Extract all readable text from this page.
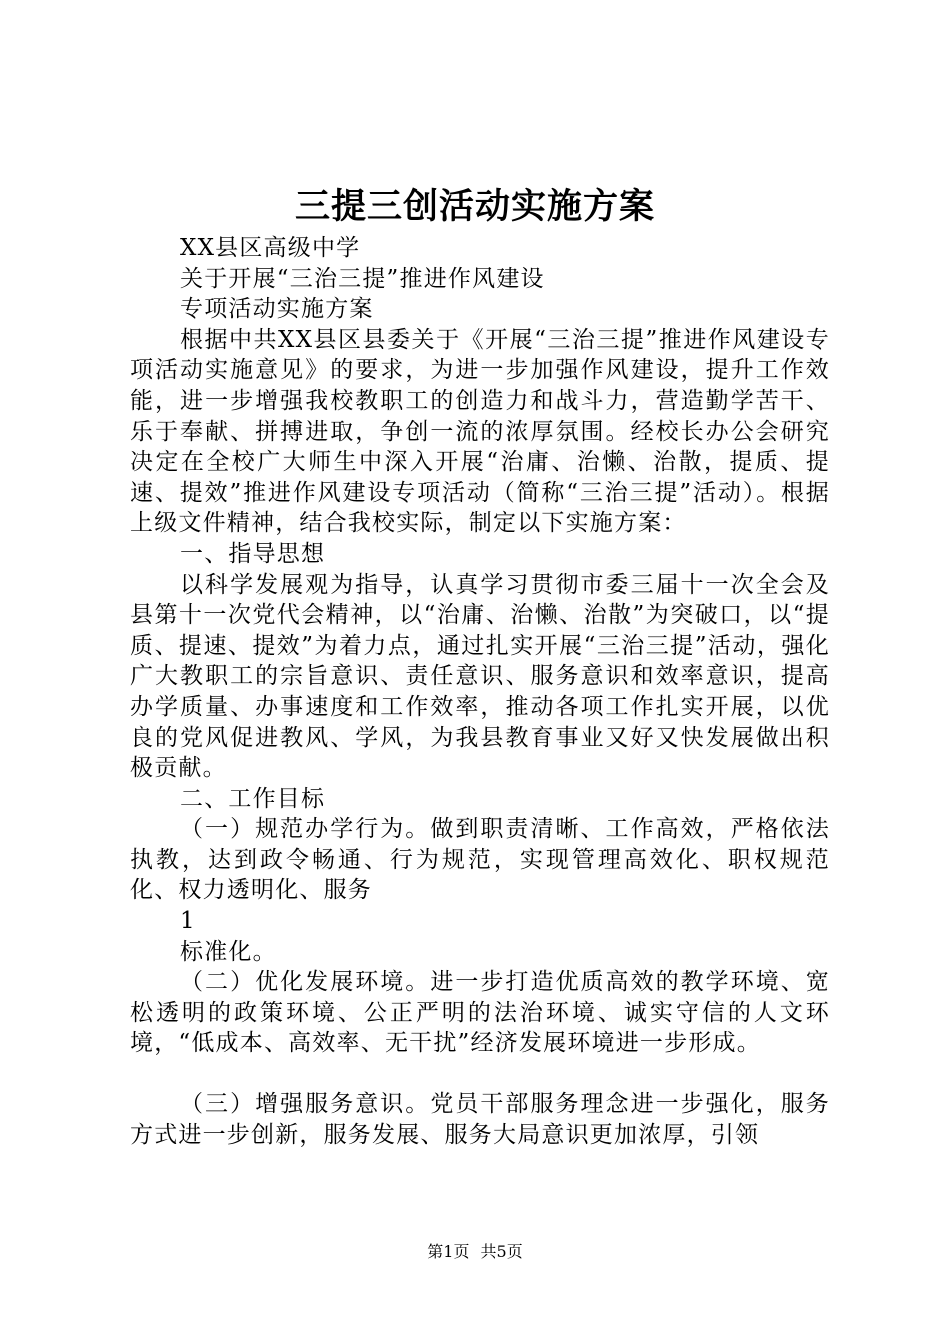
三提三创活动实施方案

XX县区高级中学

关于开展“三治三提”推进作风建设

专项活动实施方案

根据中共XX县区县委关于《开展“三治三提”推进作风建设专项活动实施意见》的要求，为进一步加强作风建设，提升工作效能，进一步增强我校教职工的创造力和战斗力，营造勤学苦干、乐于奉献、拼搏进取，争创一流的浓厚氛围。经校长办公会研究决定在全校广大师生中深入开展“治庸、治懒、治散，提质、提速、提效”推进作风建设专项活动（简称“三治三提”活动）。根据上级文件精神，结合我校实际，制定以下实施方案：

一、指导思想

以科学发展观为指导，认真学习贯彻市委三届十一次全会及县第十一次党代会精神，以“治庸、治懒、治散”为突破口，以“提质、提速、提效”为着力点，通过扎实开展“三治三提”活动，强化广大教职工的宗旨意识、责任意识、服务意识和效率意识，提高办学质量、办事速度和工作效率，推动各项工作扎实开展，以优良的党风促进教风、学风，为我县教育事业又好又快发展做出积极贡献。

二、工作目标

（一）规范办学行为。做到职责清晰、工作高效，严格依法执教，达到政令畅通、行为规范，实现管理高效化、职权规范化、权力透明化、服务

1

标准化。

（二）优化发展环境。进一步打造优质高效的教学环境、宽松透明的政策环境、公正严明的法治环境、诚实守信的人文环境，“低成本、高效率、无干扰”经济发展环境进一步形成。

（三）增强服务意识。党员干部服务理念进一步强化，服务方式进一步创新，服务发展、服务大局意识更加浓厚，引领

第1页 共5页
